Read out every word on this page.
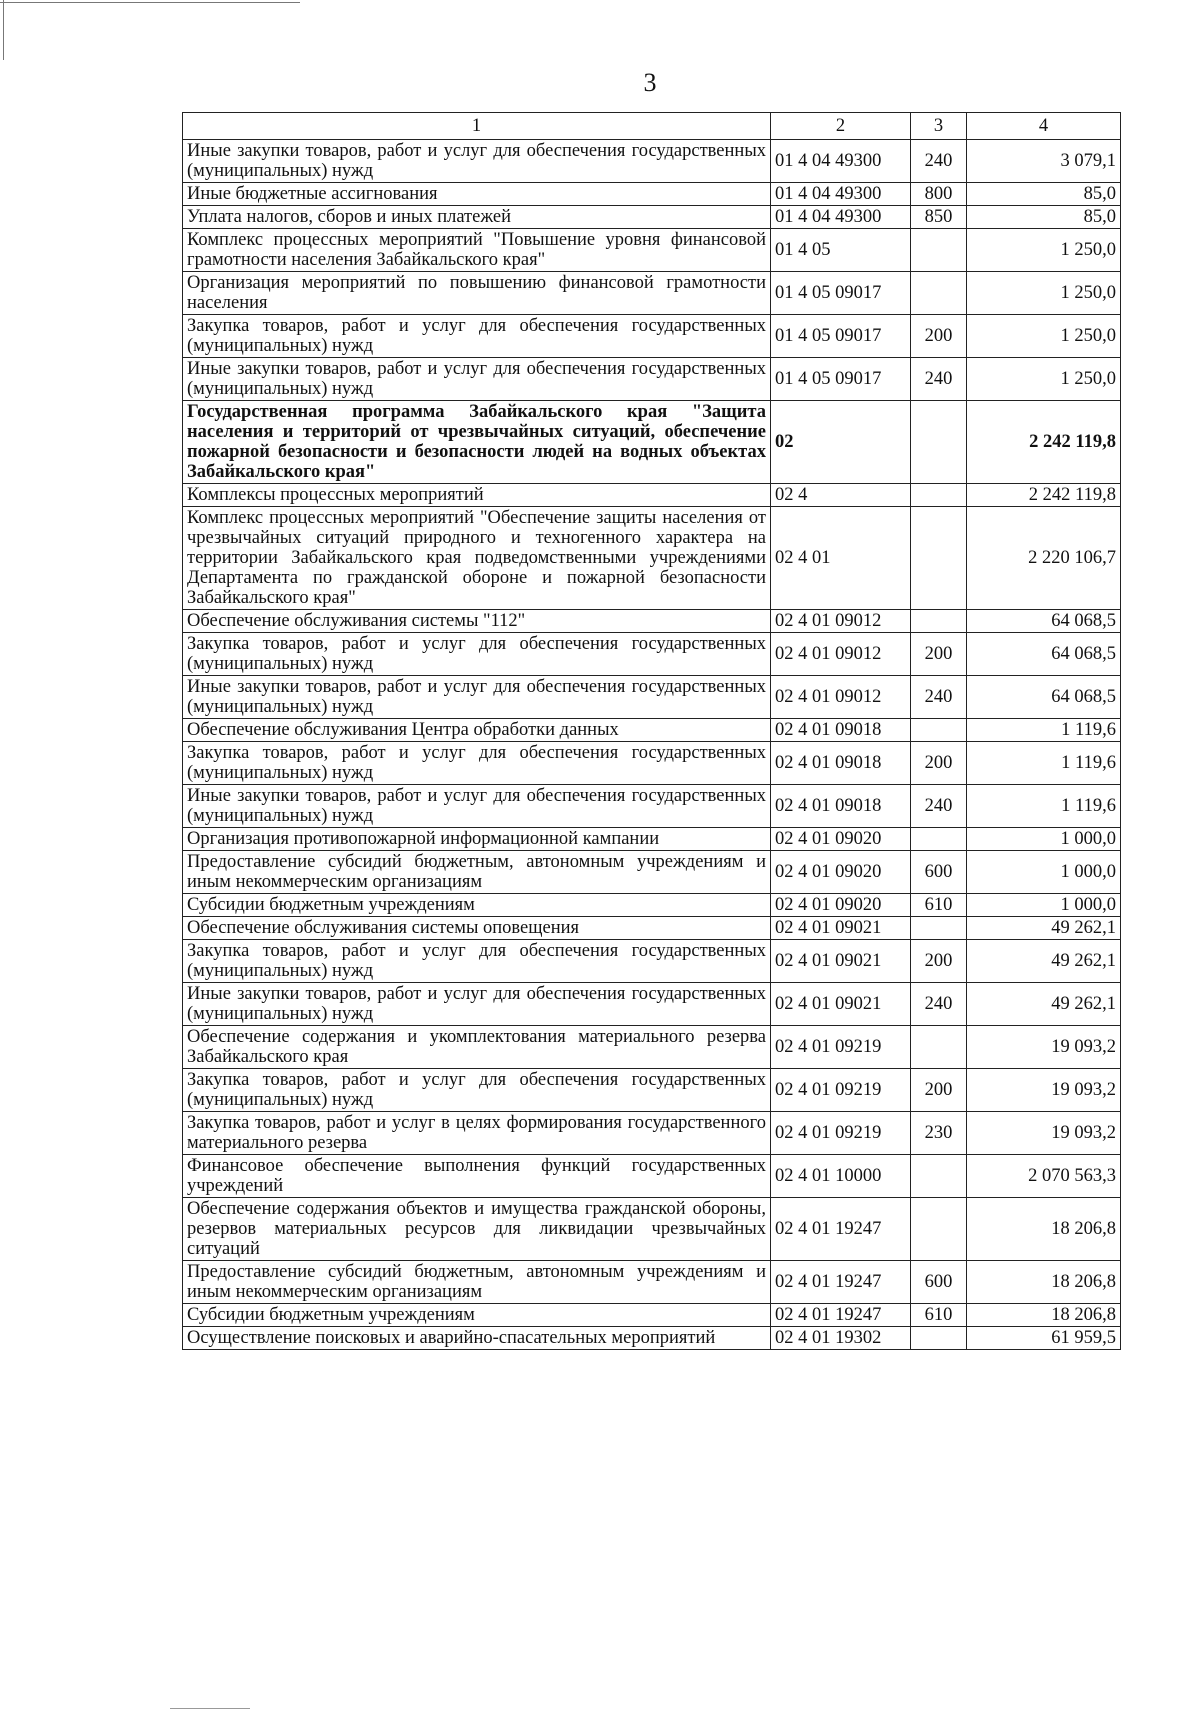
3
1	2	3	4
Иные закупки товаров, работ и услуг для обеспечения государственных (муниципальных) нужд	01 4 04 49300	240	3 079,1
Иные бюджетные ассигнования	01 4 04 49300	800	85,0
Уплата налогов, сборов и иных платежей	01 4 04 49300	850	85,0
Комплекс процессных мероприятий "Повышение уровня финансовой грамотности населения Забайкальского края"	01 4 05		1 250,0
Организация мероприятий по повышению финансовой грамотности населения	01 4 05 09017		1 250,0
Закупка товаров, работ и услуг для обеспечения государственных (муниципальных) нужд	01 4 05 09017	200	1 250,0
Иные закупки товаров, работ и услуг для обеспечения государственных (муниципальных) нужд	01 4 05 09017	240	1 250,0
Государственная программа Забайкальского края "Защита населения и территорий от чрезвычайных ситуаций, обеспечение пожарной безопасности и безопасности людей на водных объектах Забайкальского края"	02		2 242 119,8
Комплексы процессных мероприятий	02 4		2 242 119,8
Комплекс процессных мероприятий "Обеспечение защиты населения от чрезвычайных ситуаций природного и техногенного характера на территории Забайкальского края подведомственными учреждениями Департамента по гражданской обороне и пожарной безопасности Забайкальского края"	02 4 01		2 220 106,7
Обеспечение обслуживания системы "112"	02 4 01 09012		64 068,5
Закупка товаров, работ и услуг для обеспечения государственных (муниципальных) нужд	02 4 01 09012	200	64 068,5
Иные закупки товаров, работ и услуг для обеспечения государственных (муниципальных) нужд	02 4 01 09012	240	64 068,5
Обеспечение обслуживания Центра обработки данных	02 4 01 09018		1 119,6
Закупка товаров, работ и услуг для обеспечения государственных (муниципальных) нужд	02 4 01 09018	200	1 119,6
Иные закупки товаров, работ и услуг для обеспечения государственных (муниципальных) нужд	02 4 01 09018	240	1 119,6
Организация противопожарной информационной кампании	02 4 01 09020		1 000,0
Предоставление субсидий бюджетным, автономным учреждениям и иным некоммерческим организациям	02 4 01 09020	600	1 000,0
Субсидии бюджетным учреждениям	02 4 01 09020	610	1 000,0
Обеспечение обслуживания системы оповещения	02 4 01 09021		49 262,1
Закупка товаров, работ и услуг для обеспечения государственных (муниципальных) нужд	02 4 01 09021	200	49 262,1
Иные закупки товаров, работ и услуг для обеспечения государственных (муниципальных) нужд	02 4 01 09021	240	49 262,1
Обеспечение содержания и укомплектования материального резерва Забайкальского края	02 4 01 09219		19 093,2
Закупка товаров, работ и услуг для обеспечения государственных (муниципальных) нужд	02 4 01 09219	200	19 093,2
Закупка товаров, работ и услуг в целях формирования государственного материального резерва	02 4 01 09219	230	19 093,2
Финансовое обеспечение выполнения функций государственных учреждений	02 4 01 10000		2 070 563,3
Обеспечение содержания объектов и имущества гражданской обороны, резервов материальных ресурсов для ликвидации чрезвычайных ситуаций	02 4 01 19247		18 206,8
Предоставление субсидий бюджетным, автономным учреждениям и иным некоммерческим организациям	02 4 01 19247	600	18 206,8
Субсидии бюджетным учреждениям	02 4 01 19247	610	18 206,8
Осуществление поисковых и аварийно-спасательных мероприятий	02 4 01 19302		61 959,5
